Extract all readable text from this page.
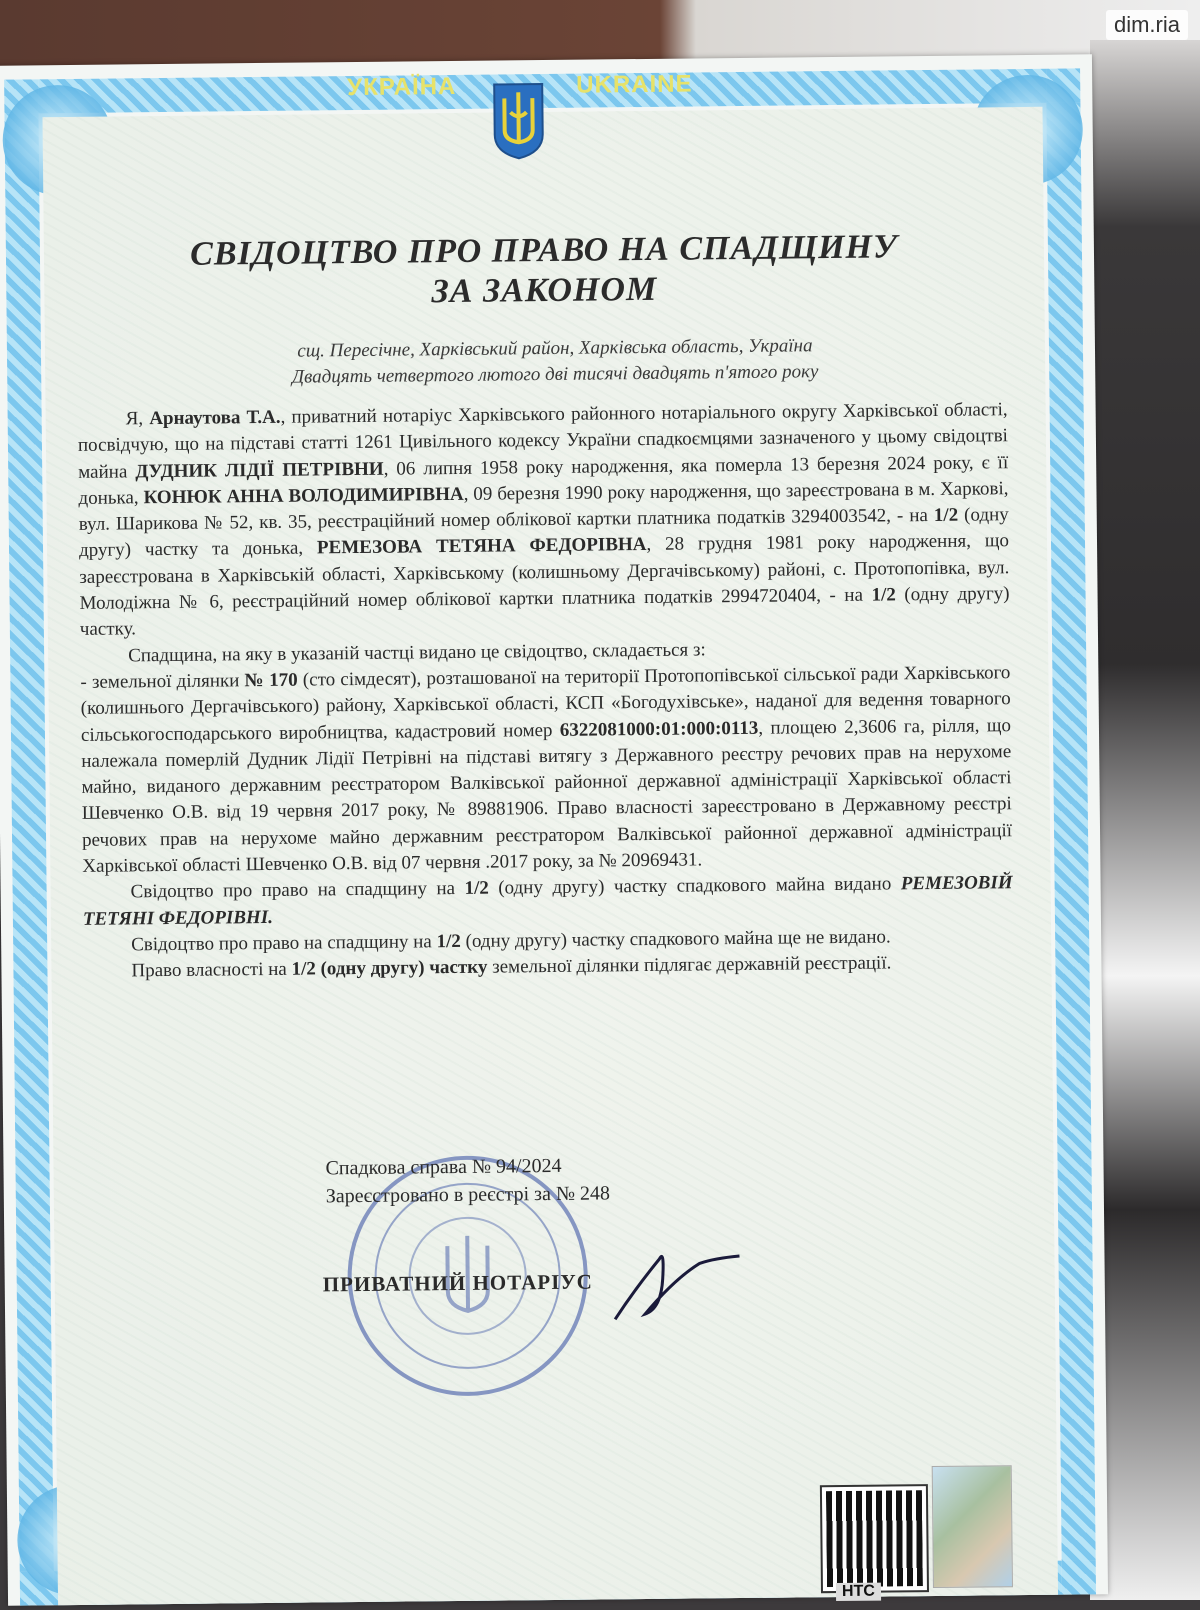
УКРАЇНА	UKRAINE
СВІДОЦТВО ПРО ПРАВО НА СПАДЩИНУ
ЗА ЗАКОНОМ
сщ. Пересічне, Харківський район, Харківська область, Україна
Двадцять четвертого лютого дві тисячі двадцять п'ятого року

Я, Арнаутова Т.А., приватний нотаріус Харківського районного нотаріального округу Харківської області, посвідчую, що на підставі статті 1261 Цивільного кодексу України спадкоємцями зазначеного у цьому свідоцтві майна ДУДНИК ЛІДІЇ ПЕТРІВНИ, 06 липня 1958 року народження, яка померла 13 березня 2024 року, є її донька, КОНЮК АННА ВОЛОДИМИРІВНА, 09 березня 1990 року народження, що зареєстрована в м. Харкові, вул. Шарикова № 52, кв. 35, реєстраційний номер облікової картки платника податків 3294003542, - на 1/2 (одну другу) частку та донька, РЕМЕЗОВА ТЕТЯНА ФЕДОРІВНА, 28 грудня 1981 року народження, що зареєстрована в Харківській області, Харківському (колишньому Дергачівському) районі, с. Протопопівка, вул. Молодіжна № 6, реєстраційний номер облікової картки платника податків 2994720404, - на 1/2 (одну другу) частку.

Спадщина, на яку в указаній частці видано це свідоцтво, складається з:

- земельної ділянки № 170 (сто сімдесят), розташованої на території Протопопівської сільської ради Харківського (колишнього Дергачівського) району, Харківської області, КСП «Богодухівське», наданої для ведення товарного сільськогосподарського виробництва, кадастровий номер 6322081000:01:000:0113, площею 2,3606 га, рілля, що належала померлій Дудник Лідії Петрівні на підставі витягу з Державного реєстру речових прав на нерухоме майно, виданого державним реєстратором Валківської районної державної адміністрації Харківської області Шевченко О.В. від 19 червня 2017 року, № 89881906. Право власності зареєстровано в Державному реєстрі речових прав на нерухоме майно державним реєстратором Валківської районної державної адміністрації Харківської області Шевченко О.В. від 07 червня .2017 року, за № 20969431.

Свідоцтво про право на спадщину на 1/2 (одну другу) частку спадкового майна видано РЕМЕЗОВІЙ ТЕТЯНІ ФЕДОРІВНІ.

Свідоцтво про право на спадщину на 1/2 (одну другу) частку спадкового майна ще не видано.

Право власності на 1/2 (одну другу) частку земельної ділянки підлягає державній реєстрації.

Спадкова справа № 94/2024
Зареєстровано в реєстрі за № 248
ПРИВАТНИЙ НОТАРІУС
НТС
dim.ria
